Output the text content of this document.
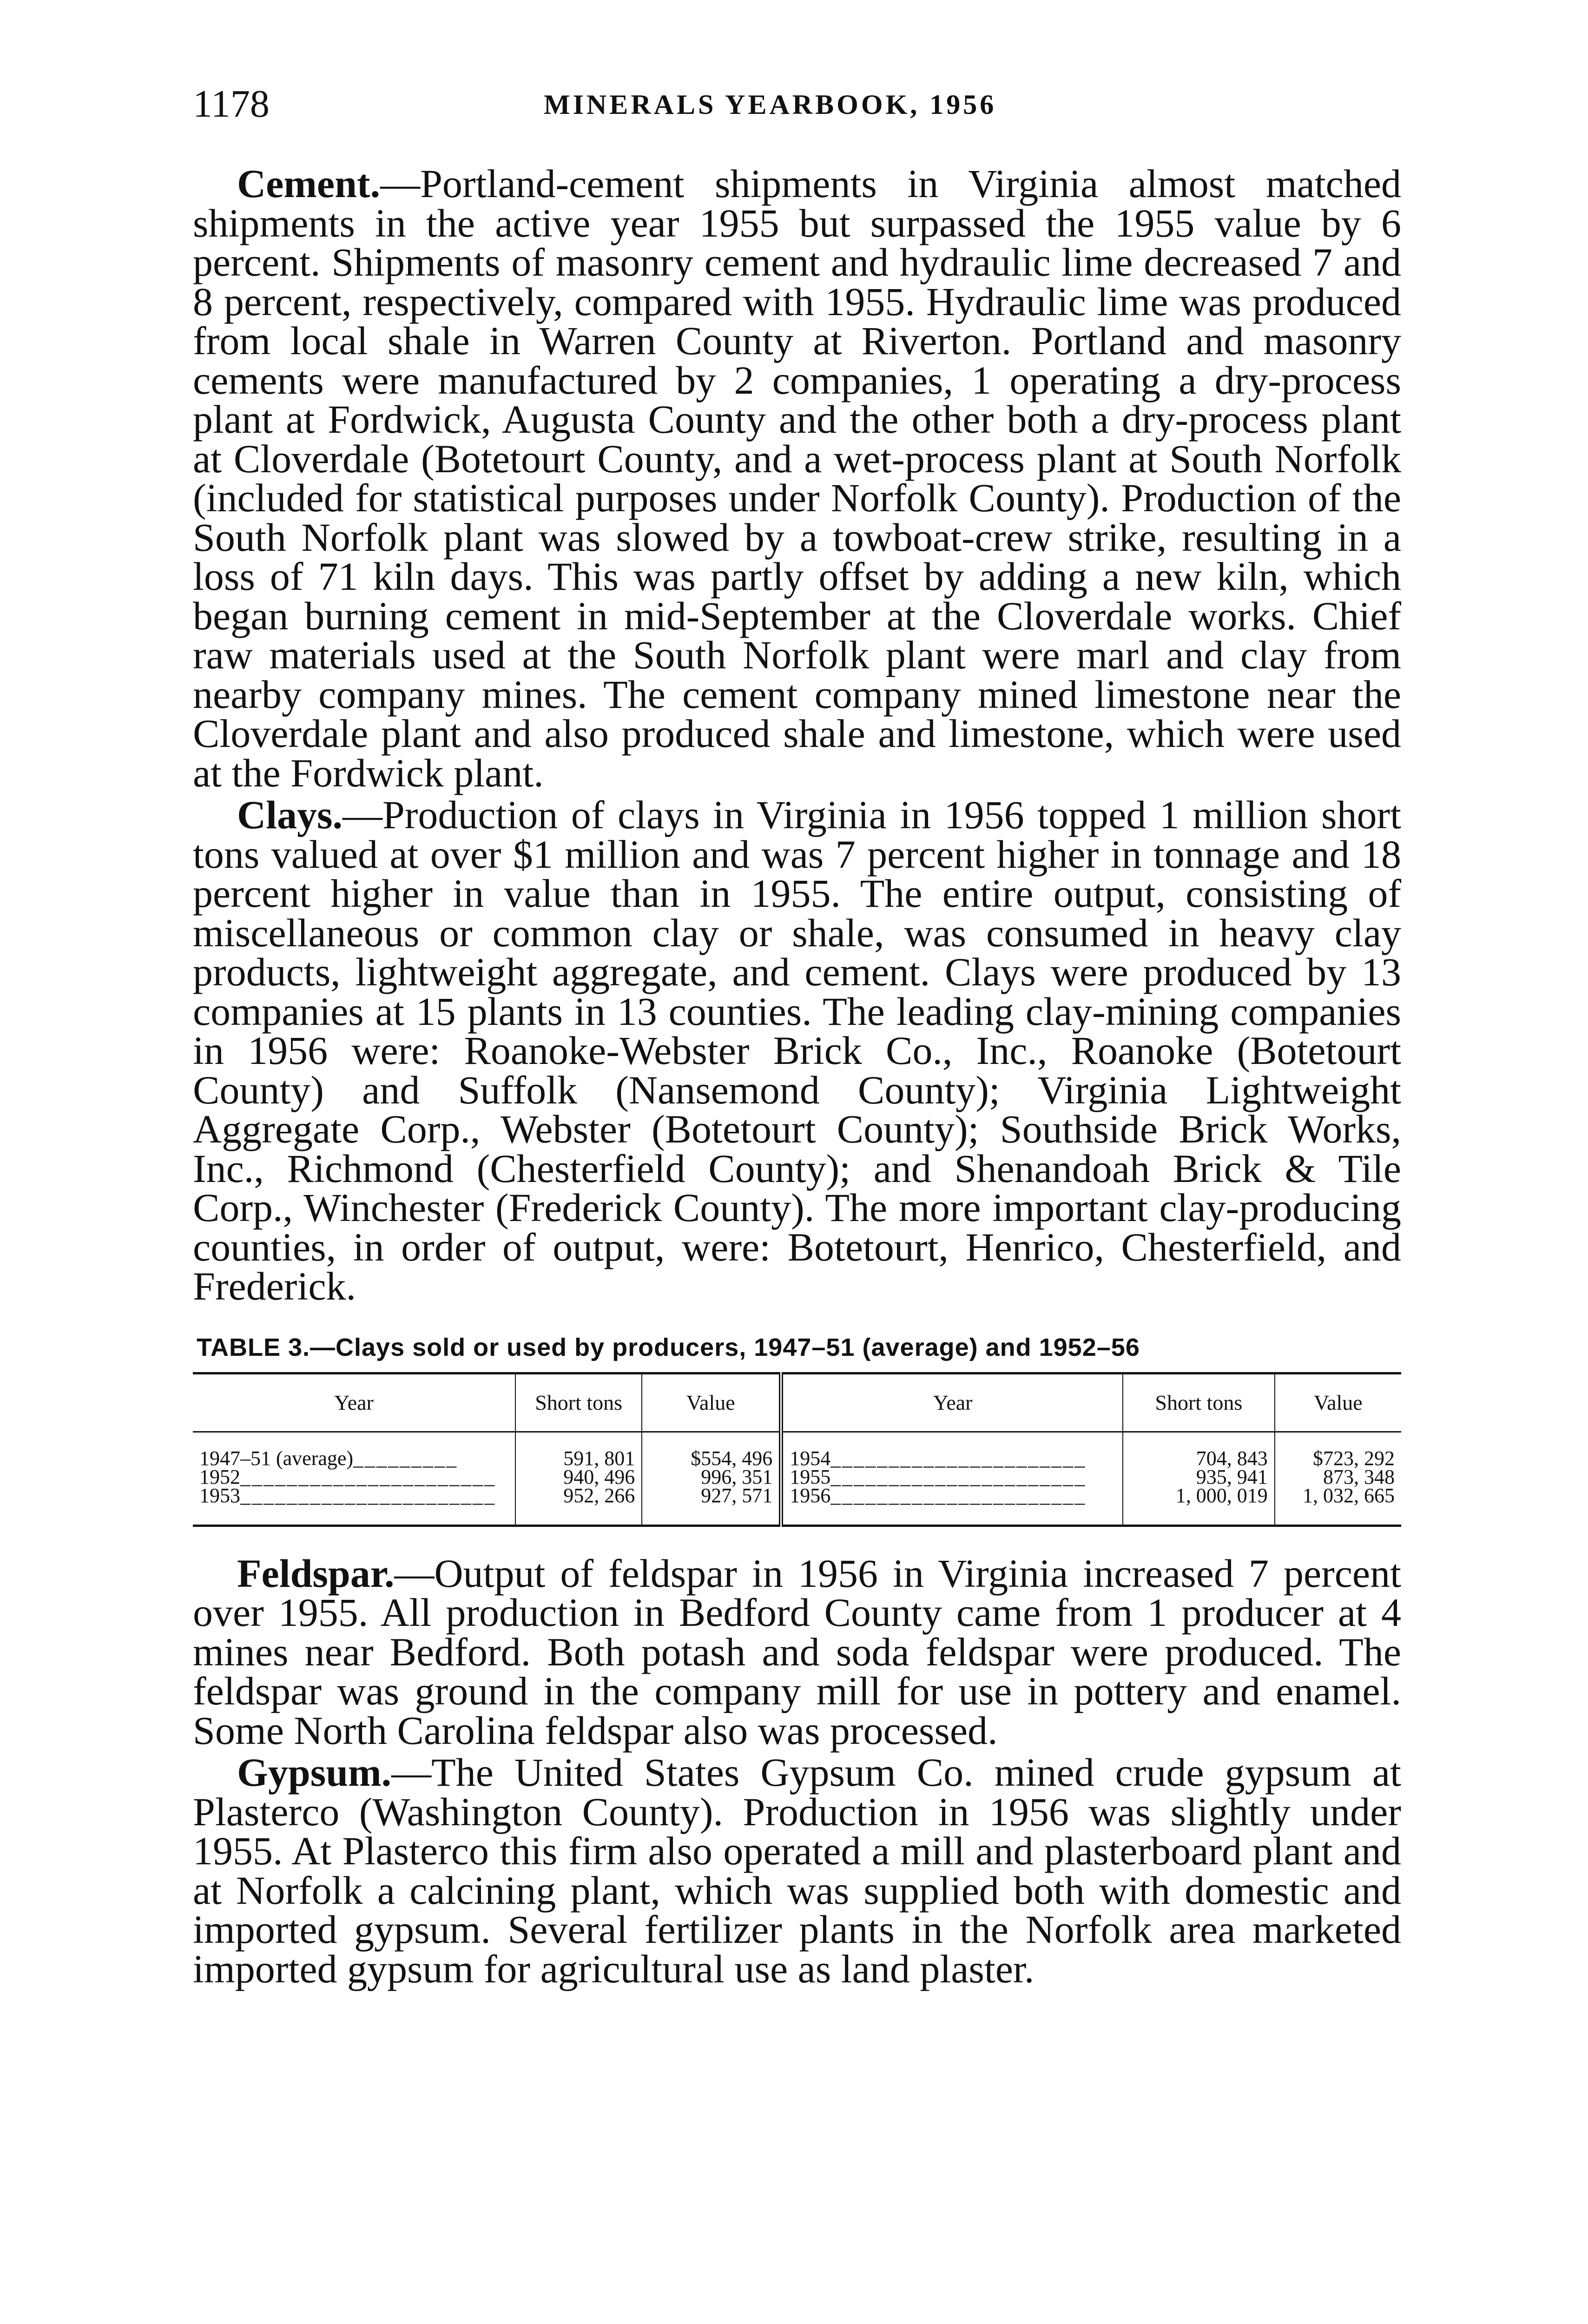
1178	MINERALS YEARBOOK, 1956

Cement.—Portland-cement shipments in Virginia almost matched shipments in the active year 1955 but surpassed the 1955 value by 6 percent. Shipments of masonry cement and hydraulic lime decreased 7 and 8 percent, respectively, compared with 1955. Hydraulic lime was produced from local shale in Warren County at Riverton. Portland and masonry cements were manufactured by 2 companies, 1 operating a dry-process plant at Fordwick, Augusta County and the other both a dry-process plant at Cloverdale (Botetourt County, and a wet-process plant at South Norfolk (included for statistical purposes under Norfolk County). Production of the South Norfolk plant was slowed by a towboat-crew strike, resulting in a loss of 71 kiln days. This was partly offset by adding a new kiln, which began burning cement in mid-September at the Cloverdale works. Chief raw materials used at the South Norfolk plant were marl and clay from nearby company mines. The cement company mined limestone near the Cloverdale plant and also produced shale and limestone, which were used at the Fordwick plant.

Clays.—Production of clays in Virginia in 1956 topped 1 million short tons valued at over $1 million and was 7 percent higher in tonnage and 18 percent higher in value than in 1955. The entire output, consisting of miscellaneous or common clay or shale, was consumed in heavy clay products, lightweight aggregate, and cement. Clays were produced by 13 companies at 15 plants in 13 counties. The leading clay-mining companies in 1956 were: Roanoke-Webster Brick Co., Inc., Roanoke (Botetourt County) and Suffolk (Nansemond County); Virginia Lightweight Aggregate Corp., Webster (Botetourt County); Southside Brick Works, Inc., Richmond (Chesterfield County); and Shenandoah Brick & Tile Corp., Winchester (Frederick County). The more important clay-producing counties, in order of output, were: Botetourt, Henrico, Chesterfield, and Frederick.

TABLE 3.—Clays sold or used by producers, 1947–51 (average) and 1952–56
Year	Short tons	Value	Year	Short tons	Value
1947–51 (average)_________	591, 801	$554, 496	1954______________________	704, 843	$723, 292
1952______________________	940, 496	996, 351	1955______________________	935, 941	873, 348
1953______________________	952, 266	927, 571	1956______________________	1, 000, 019	1, 032, 665

Feldspar.—Output of feldspar in 1956 in Virginia increased 7 percent over 1955. All production in Bedford County came from 1 producer at 4 mines near Bedford. Both potash and soda feldspar were produced. The feldspar was ground in the company mill for use in pottery and enamel. Some North Carolina feldspar also was processed.

Gypsum.—The United States Gypsum Co. mined crude gypsum at Plasterco (Washington County). Production in 1956 was slightly under 1955. At Plasterco this firm also operated a mill and plasterboard plant and at Norfolk a calcining plant, which was supplied both with domestic and imported gypsum. Several fertilizer plants in the Norfolk area marketed imported gypsum for agricultural use as land plaster.
